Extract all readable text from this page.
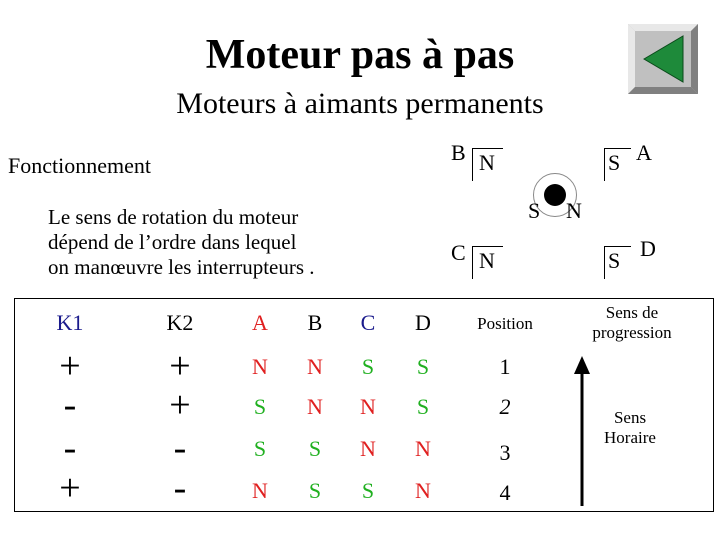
Moteur pas à pas
Moteurs à aimants permanents
Fonctionnement
Le sens de rotation du moteur
dépend de l’ordre dans lequel
on manœuvre les interrupteurs .
B N	A
S
S N
C N	D
S
K1	K2	A	B	C	D	Position
Sens de
progression
+	+	N	N	S	S	1
-	+	S	N	N	S	2
-	-	S	S	N	N	3
+	-	N	S	S	N	4
Sens
Horaire
